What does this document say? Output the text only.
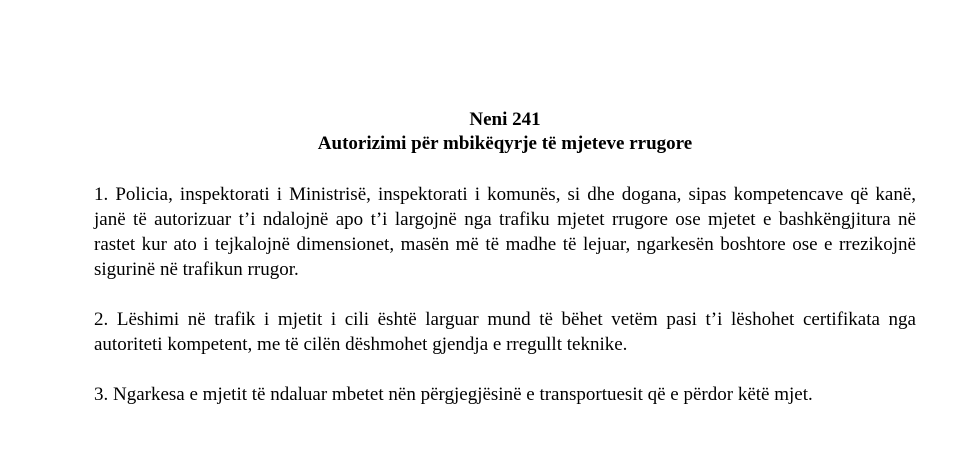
Neni 241

Autorizimi për mbikëqyrje të mjeteve rrugore

1. Policia, inspektorati i Ministrisë, inspektorati i komunës, si dhe dogana, sipas kompetencave që kanë, janë të autorizuar t’i ndalojnë apo t’i largojnë nga trafiku mjetet rrugore ose mjetet e bashkëngjitura në rastet kur ato i tejkalojnë dimensionet, masën më të madhe të lejuar, ngarkesën boshtore ose e rrezikojnë sigurinë në trafikun rrugor.

2. Lëshimi në trafik i mjetit i cili është larguar mund të bëhet vetëm pasi t’i lëshohet certifikata nga autoriteti kompetent, me të cilën dëshmohet gjendja e rregullt teknike.

3. Ngarkesa e mjetit të ndaluar mbetet nën përgjegjësinë e transportuesit që e përdor këtë mjet.
